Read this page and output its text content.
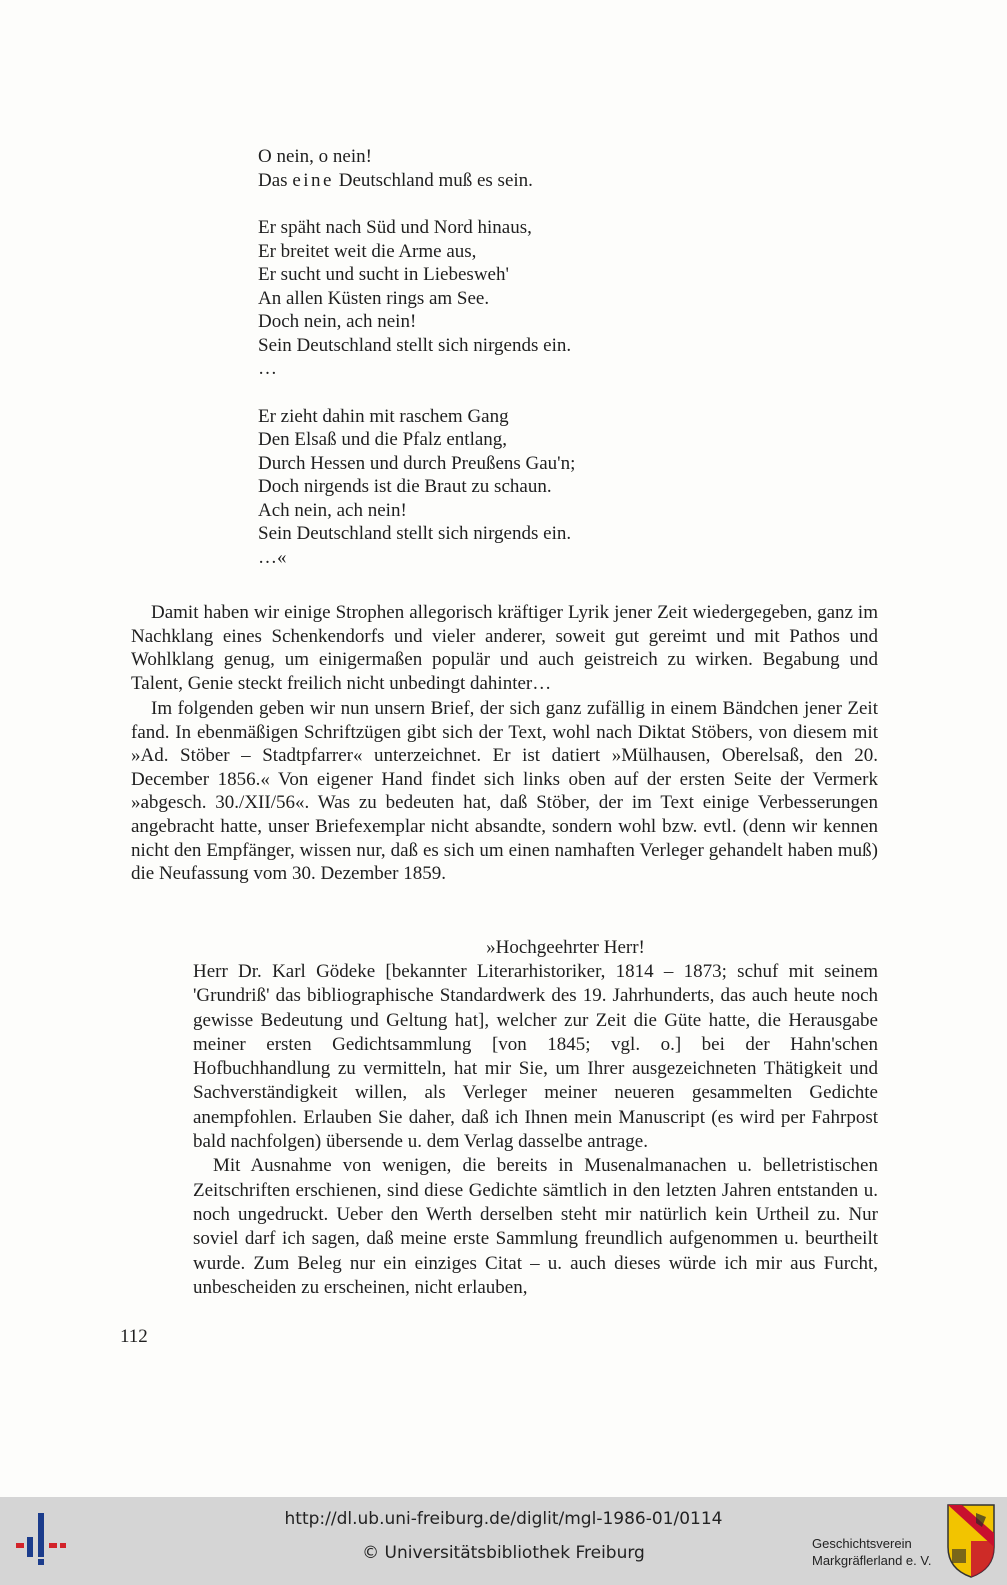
O nein, o nein!
Das eine Deutschland muß es sein.
Er späht nach Süd und Nord hinaus,
Er breitet weit die Arme aus,
Er sucht und sucht in Liebesweh'
An allen Küsten rings am See.
Doch nein, ach nein!
Sein Deutschland stellt sich nirgends ein.
…
Er zieht dahin mit raschem Gang
Den Elsaß und die Pfalz entlang,
Durch Hessen und durch Preußens Gau'n;
Doch nirgends ist die Braut zu schaun.
Ach nein, ach nein!
Sein Deutschland stellt sich nirgends ein.
…«

Damit haben wir einige Strophen allegorisch kräftiger Lyrik jener Zeit wiedergegeben, ganz im Nachklang eines Schenkendorfs und vieler anderer, soweit gut gereimt und mit Pathos und Wohlklang genug, um einigermaßen populär und auch geistreich zu wirken. Begabung und Talent, Genie steckt freilich nicht unbedingt dahinter…

Im folgenden geben wir nun unsern Brief, der sich ganz zufällig in einem Bändchen jener Zeit fand. In ebenmäßigen Schriftzügen gibt sich der Text, wohl nach Diktat Stöbers, von diesem mit »Ad. Stöber – Stadtpfarrer« unterzeichnet. Er ist datiert »Mülhausen, Oberelsaß, den 20. December 1856.« Von eigener Hand findet sich links oben auf der ersten Seite der Vermerk »abgesch. 30./XII/56«. Was zu bedeuten hat, daß Stöber, der im Text einige Verbesserungen angebracht hatte, unser Briefexemplar nicht absandte, sondern wohl bzw. evtl. (denn wir kennen nicht den Empfänger, wissen nur, daß es sich um einen namhaften Verleger gehandelt haben muß) die Neufassung vom 30. Dezember 1859.

»Hochgeehrter Herr!

Herr Dr. Karl Gödeke [bekannter Literarhistoriker, 1814 – 1873; schuf mit seinem 'Grundriß' das bibliographische Standardwerk des 19. Jahrhunderts, das auch heute noch gewisse Bedeutung und Geltung hat], welcher zur Zeit die Güte hatte, die Herausgabe meiner ersten Gedichtsammlung [von 1845; vgl. o.] bei der Hahn'schen Hofbuchhandlung zu vermitteln, hat mir Sie, um Ihrer ausgezeichneten Thätigkeit und Sachverständigkeit willen, als Verleger meiner neueren gesammelten Gedichte anempfohlen. Erlauben Sie daher, daß ich Ihnen mein Manuscript (es wird per Fahrpost bald nachfolgen) übersende u. dem Verlag dasselbe antrage.

Mit Ausnahme von wenigen, die bereits in Musenalmanachen u. belletristischen Zeitschriften erschienen, sind diese Gedichte sämtlich in den letzten Jahren entstanden u. noch ungedruckt. Ueber den Werth derselben steht mir natürlich kein Urtheil zu. Nur soviel darf ich sagen, daß meine erste Sammlung freundlich aufgenommen u. beurtheilt wurde. Zum Beleg nur ein einziges Citat – u. auch dieses würde ich mir aus Furcht, unbescheiden zu erscheinen, nicht erlauben,

112
http://dl.ub.uni-freiburg.de/diglit/mgl-1986-01/0114
© Universitätsbibliothek Freiburg	Geschichtsverein
Markgräflerland e. V.
